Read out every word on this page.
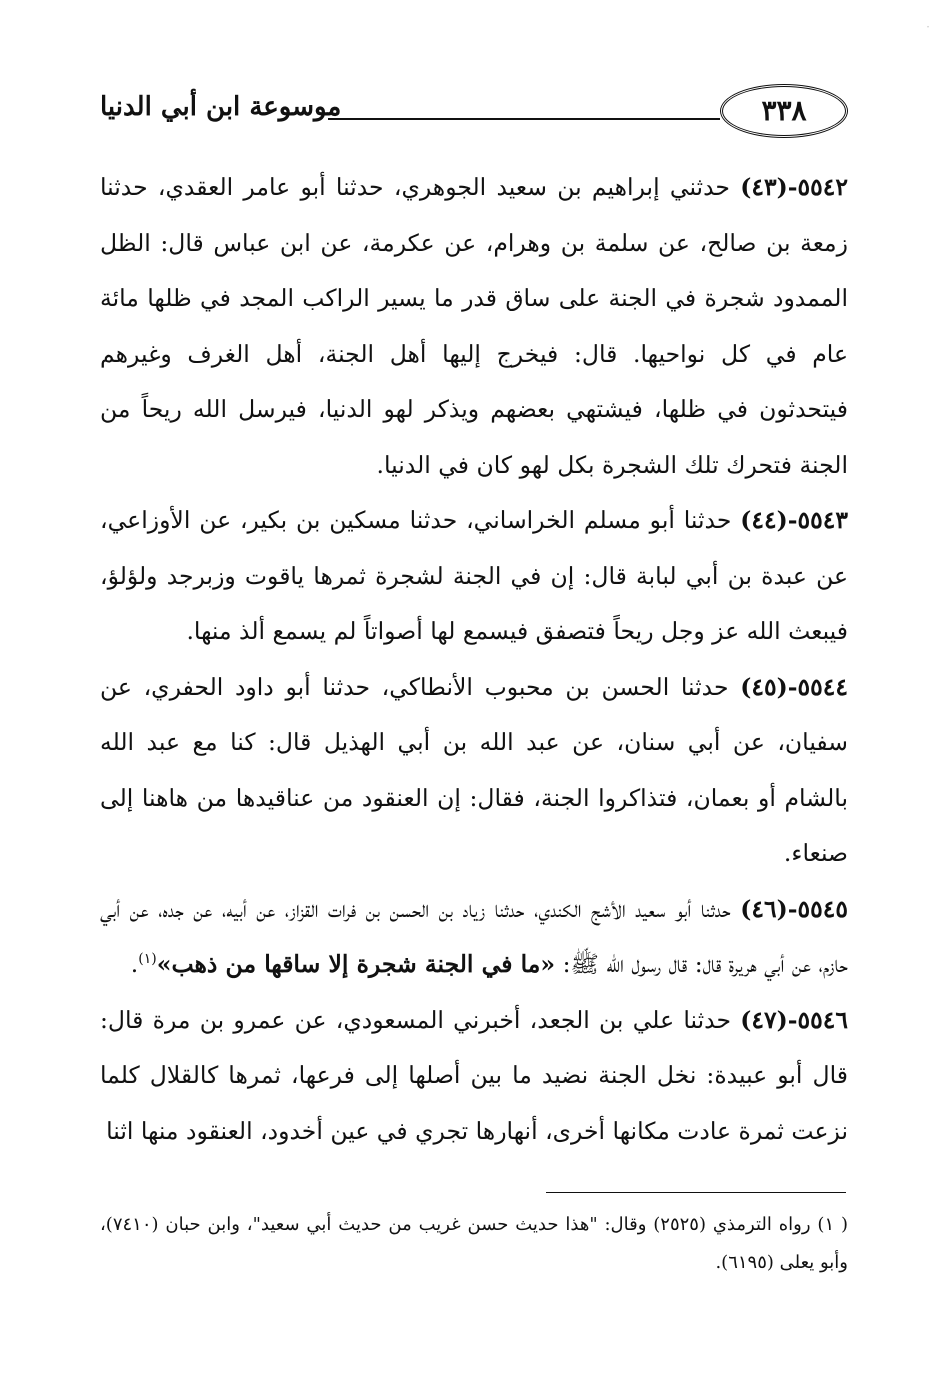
·
٣٣٨
موسوعة ابن أبي الدنيا

٥٥٤٢-(٤٣) حدثني إبراهيم بن سعيد الجوهري، حدثنا أبو عامر العقدي، حدثنا زمعة بن صالح، عن سلمة بن وهرام، عن عكرمة، عن ابن عباس قال: الظل الممدود شجرة في الجنة على ساق قدر ما يسير الراكب المجد في ظلها مائة عام في كل نواحيها. قال: فيخرج إليها أهل الجنة، أهل الغرف وغيرهم فيتحدثون في ظلها، فيشتهي بعضهم ويذكر لهو الدنيا، فيرسل الله ريحاً من الجنة فتحرك تلك الشجرة بكل لهو كان في الدنيا.

٥٥٤٣-(٤٤) حدثنا أبو مسلم الخراساني، حدثنا مسكين بن بكير، عن الأوزاعي، عن عبدة بن أبي لبابة قال: إن في الجنة لشجرة ثمرها ياقوت وزبرجد ولؤلؤ، فيبعث الله عز وجل ريحاً فتصفق فيسمع لها أصواتاً لم يسمع ألذ منها.

٥٥٤٤-(٤٥) حدثنا الحسن بن محبوب الأنطاكي، حدثنا أبو داود الحفري، عن سفيان، عن أبي سنان، عن عبد الله بن أبي الهذيل قال: كنا مع عبد الله بالشام أو بعمان، فتذاكروا الجنة، فقال: إن العنقود من عناقيدها من هاهنا إلى صنعاء.

٥٥٤٥-(٤٦) حدثنا أبو سعيد الأشج الكندي، حدثنا زياد بن الحسن بن فرات القزاز، عن أبيه، عن جده، عن أبي حازم، عن أبي هريرة قال: قال رسول الله ﷺ: «ما في الجنة شجرة إلا ساقها من ذهب»$^{(١)}$.

٥٥٤٦-(٤٧) حدثنا علي بن الجعد، أخبرني المسعودي، عن عمرو بن مرة قال: قال أبو عبيدة: نخل الجنة نضيد ما بين أصلها إلى فرعها، ثمرها كالقلال كلما نزعت ثمرة عادت مكانها أخرى، أنهارها تجري في عين أخدود، العنقود منها اثنا

( ١) رواه الترمذي (٢٥٢٥) وقال: "هذا حديث حسن غريب من حديث أبي سعيد"، وابن حبان (٧٤١٠)، وأبو يعلى (٦١٩٥).
